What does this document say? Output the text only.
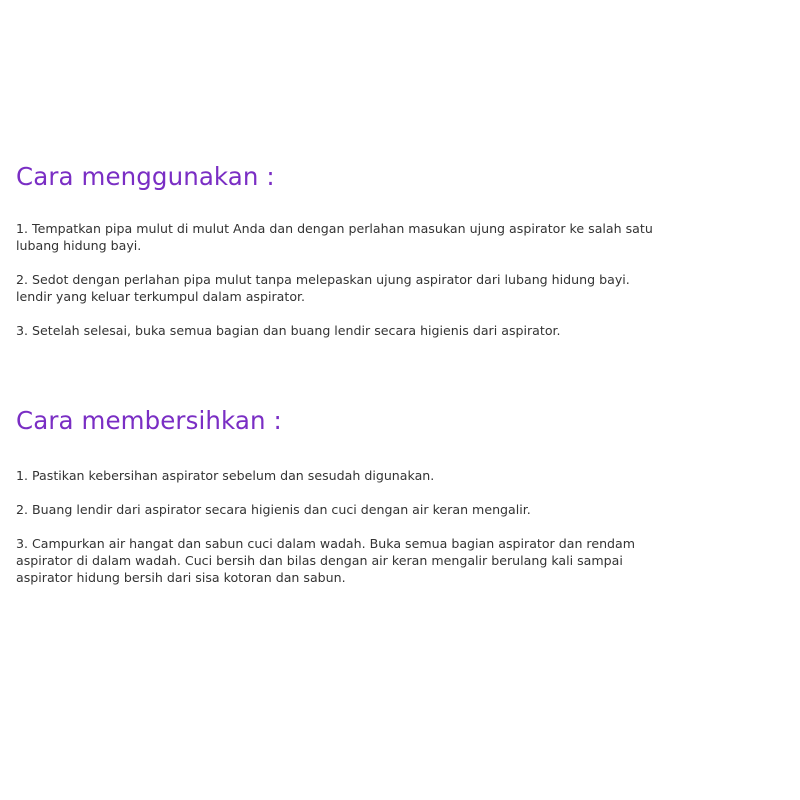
Cara menggunakan :
1. Tempatkan pipa mulut di mulut Anda dan dengan perlahan masukan ujung aspirator ke salah satu
lubang hidung bayi.
2. Sedot dengan perlahan pipa mulut tanpa melepaskan ujung aspirator dari lubang hidung bayi.
lendir yang keluar terkumpul dalam aspirator.
3. Setelah selesai, buka semua bagian dan buang lendir secara higienis dari aspirator.
Cara membersihkan :
1. Pastikan kebersihan aspirator sebelum dan sesudah digunakan.
2. Buang lendir dari aspirator secara higienis dan cuci dengan air keran mengalir.
3. Campurkan air hangat dan sabun cuci dalam wadah. Buka semua bagian aspirator dan rendam
aspirator di dalam wadah. Cuci bersih dan bilas dengan air keran mengalir berulang kali sampai
aspirator hidung bersih dari sisa kotoran dan sabun.
